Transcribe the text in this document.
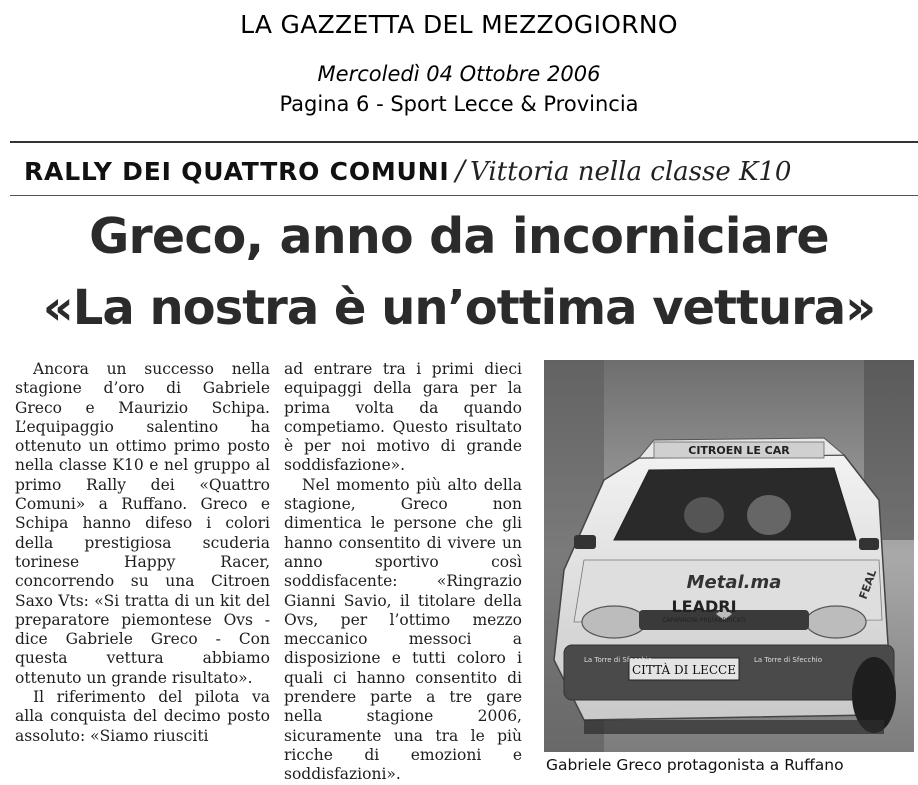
LA GAZZETTA DEL MEZZOGIORNO
Mercoledì 04 Ottobre 2006
Pagina 6 - Sport Lecce & Provincia
RALLY DEI QUATTRO COMUNI / Vittoria nella classe K10
Greco, anno da incorniciare
«La nostra è un’ottima vettura»

Ancora un successo nella stagione d’oro di Gabriele Greco e Maurizio Schipa. L’equipaggio salentino ha ottenuto un ottimo primo posto nella classe K10 e nel gruppo al primo Rally dei «Quattro Comuni» a Ruffano. Greco e Schipa hanno difeso i colori della prestigiosa scuderia torinese Happy Racer, concorrendo su una Citroen Saxo Vts: «Si tratta di un kit del preparatore piemontese Ovs - dice Gabriele Greco - Con questa vettura abbiamo ottenuto un grande risultato».

Il riferimento del pilota va alla conquista del decimo posto assoluto: «Siamo riusciti

ad entrare tra i primi dieci equipaggi della gara per la prima volta da quando competiamo. Questo risultato è per noi motivo di grande soddisfazione».

Nel momento più alto della stagione, Greco non dimentica le persone che gli hanno consentito di vivere un anno sportivo così soddisfacente: «Ringrazio Gianni Savio, il titolare della Ovs, per l’ottimo mezzo meccanico messoci a disposizione e tutti coloro i quali ci hanno consentito di prendere parte a tre gare nella stagione 2006, sicuramente una tra le più ricche di emozioni e soddisfazioni».

CITROEN LE CAR
Metal.ma
LEADRI
CAPANNONI PREFABBRICATI
CITTÀ DI LECCE
La Torre di Sfecchio	La Torre di Sfecchio
FEAL
HAPPY RACER
Gabriele Greco protagonista a Ruffano
